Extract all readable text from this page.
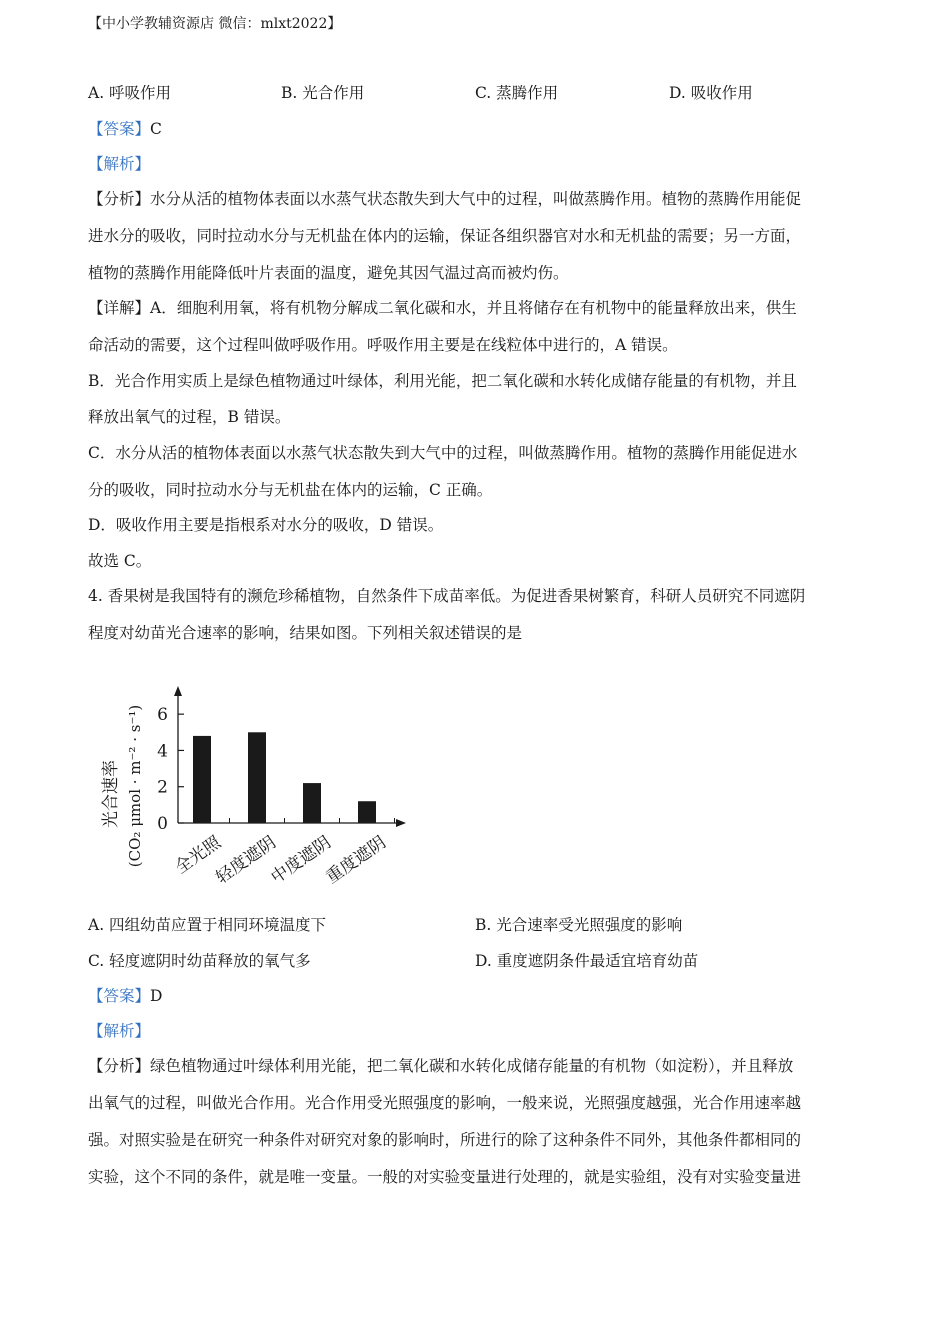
【中小学教辅资源店 微信：mlxt2022】
A. 呼吸作用	B. 光合作用	C. 蒸腾作用	D. 吸收作用
【答案】C
【解析】
【分析】水分从活的植物体表面以水蒸气状态散失到大气中的过程，叫做蒸腾作用。植物的蒸腾作用能促
进水分的吸收，同时拉动水分与无机盐在体内的运输，保证各组织器官对水和无机盐的需要；另一方面，
植物的蒸腾作用能降低叶片表面的温度，避免其因气温过高而被灼伤。
【详解】A．细胞利用氧，将有机物分解成二氧化碳和水，并且将储存在有机物中的能量释放出来，供生
命活动的需要，这个过程叫做呼吸作用。呼吸作用主要是在线粒体中进行的，A 错误。
B．光合作用实质上是绿色植物通过叶绿体，利用光能，把二氧化碳和水转化成储存能量的有机物，并且
释放出氧气的过程，B 错误。
C．水分从活的植物体表面以水蒸气状态散失到大气中的过程，叫做蒸腾作用。植物的蒸腾作用能促进水
分的吸收，同时拉动水分与无机盐在体内的运输，C 正确。
D．吸收作用主要是指根系对水分的吸收，D 错误。
故选 C。
4. 香果树是我国特有的濒危珍稀植物，自然条件下成苗率低。为促进香果树繁育，科研人员研究不同遮阴
程度对幼苗光合速率的影响，结果如图。下列相关叙述错误的是
光合速率 (CO₂ μmol · m⁻² · s⁻¹) 0
2
4
6
全光照
轻度遮阴
中度遮阴
重度遮阴
A. 四组幼苗应置于相同环境温度下	B. 光合速率受光照强度的影响
C. 轻度遮阴时幼苗释放的氧气多	D. 重度遮阴条件最适宜培育幼苗
【答案】D
【解析】
【分析】绿色植物通过叶绿体利用光能，把二氧化碳和水转化成储存能量的有机物（如淀粉），并且释放
出氧气的过程，叫做光合作用。光合作用受光照强度的影响，一般来说，光照强度越强，光合作用速率越
强。对照实验是在研究一种条件对研究对象的影响时，所进行的除了这种条件不同外，其他条件都相同的
实验，这个不同的条件，就是唯一变量。一般的对实验变量进行处理的，就是实验组，没有对实验变量进
